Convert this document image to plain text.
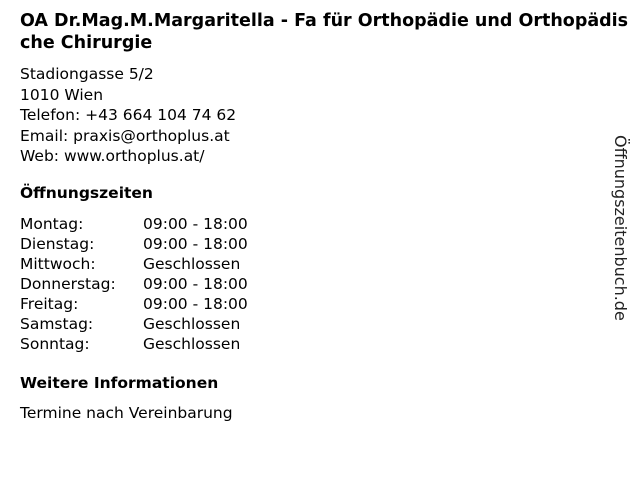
OA Dr.Mag.M.Margaritella - Fa für Orthopädie und Orthopädische Chirurgie
Stadiongasse 5/2
1010 Wien
Telefon: +43 664 104 74 62
Email: praxis@orthoplus.at
Web: www.orthoplus.at/
Öffnungszeiten
Montag:	09:00 - 18:00
Dienstag:	09:00 - 18:00
Mittwoch:	Geschlossen
Donnerstag:	09:00 - 18:00
Freitag:	09:00 - 18:00
Samstag:	Geschlossen
Sonntag:	Geschlossen
Weitere Informationen
Termine nach Vereinbarung
Öffnungszeitenbuch.de
